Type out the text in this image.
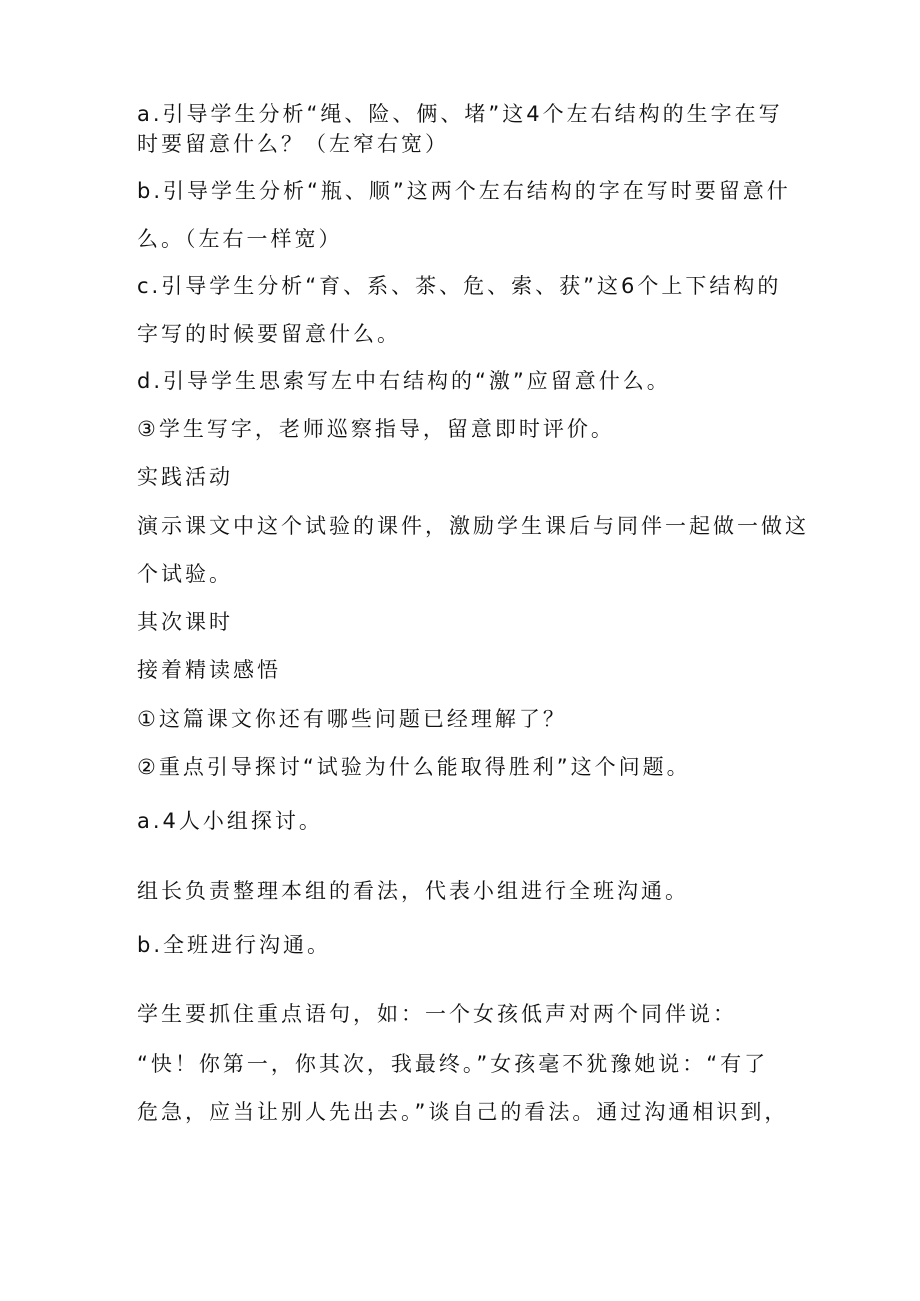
a.引导学生分析“绳、险、俩、堵”这4个左右结构的生字在写
时要留意什么？（左窄右宽）
b.引导学生分析“瓶、顺”这两个左右结构的字在写时要留意什
么。（左右一样宽）
c.引导学生分析“育、系、茶、危、索、获”这6个上下结构的
字写的时候要留意什么。
d.引导学生思索写左中右结构的“激”应留意什么。
③学生写字，老师巡察指导，留意即时评价。
实践活动
演示课文中这个试验的课件，激励学生课后与同伴一起做一做这
个试验。
其次课时
接着精读感悟
①这篇课文你还有哪些问题已经理解了？
②重点引导探讨“试验为什么能取得胜利”这个问题。
a.4人小组探讨。
组长负责整理本组的看法，代表小组进行全班沟通。
b.全班进行沟通。
学生要抓住重点语句，如：一个女孩低声对两个同伴说：
“快！你第一，你其次，我最终。”女孩毫不犹豫她说：“有了
危急，应当让别人先出去。”谈自己的看法。通过沟通相识到，
